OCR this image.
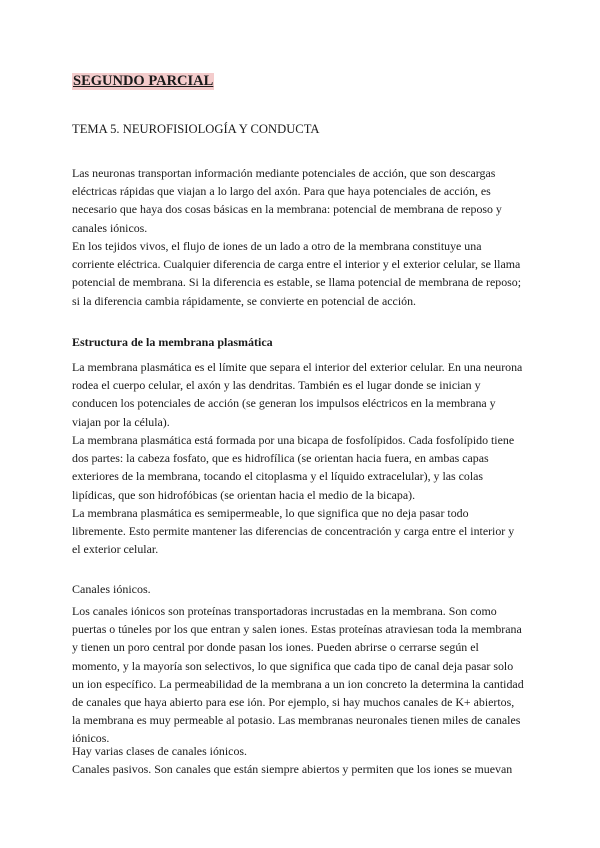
SEGUNDO PARCIAL
TEMA 5. NEUROFISIOLOGÍA Y CONDUCTA

Las neuronas transportan información mediante potenciales de acción, que son descargas eléctricas rápidas que viajan a lo largo del axón. Para que haya potenciales de acción, es necesario que haya dos cosas básicas en la membrana: potencial de membrana de reposo y canales iónicos.

En los tejidos vivos, el flujo de iones de un lado a otro de la membrana constituye una corriente eléctrica. Cualquier diferencia de carga entre el interior y el exterior celular, se llama potencial de membrana. Si la diferencia es estable, se llama potencial de membrana de reposo; si la diferencia cambia rápidamente, se convierte en potencial de acción.

Estructura de la membrana plasmática

La membrana plasmática es el límite que separa el interior del exterior celular. En una neurona rodea el cuerpo celular, el axón y las dendritas. También es el lugar donde se inician y conducen los potenciales de acción (se generan los impulsos eléctricos en la membrana y viajan por la célula).

La membrana plasmática está formada por una bicapa de fosfolípidos. Cada fosfolípido tiene dos partes: la cabeza fosfato, que es hidrofílica (se orientan hacia fuera, en ambas capas exteriores de la membrana, tocando el citoplasma y el líquido extracelular), y las colas lipídicas, que son hidrofóbicas (se orientan hacia el medio de la bicapa).

La membrana plasmática es semipermeable, lo que significa que no deja pasar todo libremente. Esto permite mantener las diferencias de concentración y carga entre el interior y el exterior celular.

Canales iónicos.

Los canales iónicos son proteínas transportadoras incrustadas en la membrana. Son como puertas o túneles por los que entran y salen iones. Estas proteínas atraviesan toda la membrana y tienen un poro central por donde pasan los iones. Pueden abrirse o cerrarse según el momento, y la mayoría son selectivos, lo que significa que cada tipo de canal deja pasar solo un ion específico. La permeabilidad de la membrana a un ion concreto la determina la cantidad de canales que haya abierto para ese ión. Por ejemplo, si hay muchos canales de K+ abiertos, la membrana es muy permeable al potasio. Las membranas neuronales tienen miles de canales iónicos.

Hay varias clases de canales iónicos.

Canales pasivos. Son canales que están siempre abiertos y permiten que los iones se muevan
